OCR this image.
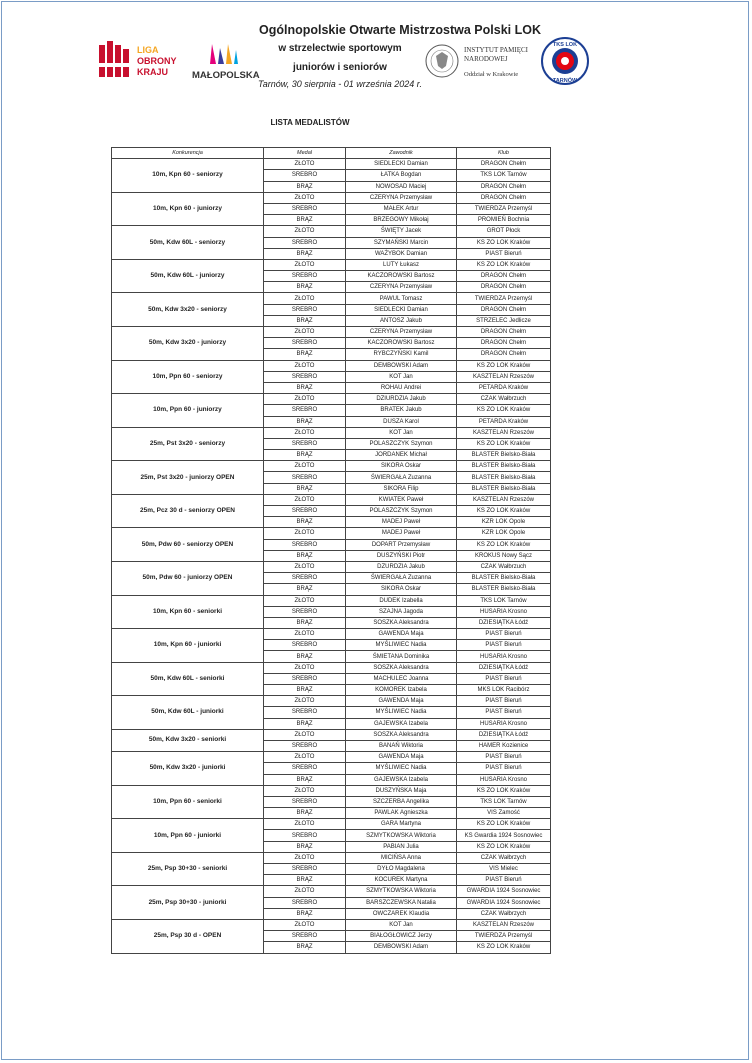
LIGA
OBRONY
KRAJU	MAŁOPOLSKA
Ogólnopolskie Otwarte Mistrzostwa Polski LOK
w strzelectwie sportowym
juniorów i seniorów
Tarnów, 30 sierpnia - 01 września 2024 r.
INSTYTUT PAMIĘCI
NARODOWEJ
Oddział w Krakowie
TKS LOK
TARNÓW
LISTA MEDALISTÓW
Konkurencja	Medal	Zawodnik	Klub
10m, Kpn 60 - seniorzy	ZŁOTO	SIEDLECKI Damian	DRAGON Chełm
	SREBRO	ŁATKA Bogdan	TKS LOK Tarnów
	BRĄZ	NOWOSAD Maciej	DRAGON Chełm
10m, Kpn 60 - juniorzy	ZŁOTO	CZERYNA Przemysław	DRAGON Chełm
	SREBRO	MAŁEK Artur	TWIERDZA Przemyśl
	BRĄZ	BRZEGOWY Mikołaj	PROMIEŃ Bochnia
50m, Kdw 60L - seniorzy	ZŁOTO	ŚWIĘTY Jacek	GROT Płock
	SREBRO	SZYMAŃSKI Marcin	KS ZO LOK Kraków
	BRĄZ	WAŻYBOK Damian	PIAST Bieruń
50m, Kdw 60L - juniorzy	ZŁOTO	LUTY Łukasz	KS ZO LOK Kraków
	SREBRO	KACZOROWSKI Bartosz	DRAGON Chełm
	BRĄZ	CZERYNA Przemysław	DRAGON Chełm
50m, Kdw 3x20 - seniorzy	ZŁOTO	PAWUL Tomasz	TWIERDZA Przemyśl
	SREBRO	SIEDLECKI Damian	DRAGON Chełm
	BRĄZ	ANTOSZ Jakub	STRZELEC Jedlicze
50m, Kdw 3x20 - juniorzy	ZŁOTO	CZERYNA Przemysław	DRAGON Chełm
	SREBRO	KACZOROWSKI Bartosz	DRAGON Chełm
	BRĄZ	RYBCZYŃSKI Kamil	DRAGON Chełm
10m, Ppn 60 - seniorzy	ZŁOTO	DEMBOWSKI Adam	KS ZO LOK Kraków
	SREBRO	KOT Jan	KASZTELAN Rzeszów
	BRĄZ	ROHAU Andrei	PETARDA Kraków
10m, Ppn 60 - juniorzy	ZŁOTO	DZIURDZIA Jakub	CZAK Wałbrzuch
	SREBRO	BRATEK Jakub	KS ZO LOK Kraków
	BRĄZ	DUSZA Karol	PETARDA Kraków
25m, Pst 3x20 - seniorzy	ZŁOTO	KOT Jan	KASZTELAN Rzeszów
	SREBRO	POLASZCZYK Szymon	KS ZO LOK Kraków
	BRĄZ	JORDANEK Michał	BLASTER Bielsko-Biała
25m, Pst 3x20 - juniorzy OPEN	ZŁOTO	SIKORA Oskar	BLASTER Bielsko-Biała
	SREBRO	ŚWIERGAŁA Zuzanna	BLASTER Bielsko-Biała
	BRĄZ	SIKORA Filip	BLASTER Bielsko-Biała
25m, Pcz 30 d - seniorzy OPEN	ZŁOTO	KWIATEK Paweł	KASZTELAN Rzeszów
	SREBRO	POLASZCZYK Szymon	KS ZO LOK Kraków
	BRĄZ	MADEJ Paweł	KZR LOK Opole
50m, Pdw 60 - seniorzy OPEN	ZŁOTO	MADEJ Paweł	KZR LOK Opole
	SREBRO	DOPART Przemysław	KS ZO LOK Kraków
	BRĄZ	DUSZYŃSKI Piotr	KROKUS Nowy Sącz
50m, Pdw 60 - juniorzy OPEN	ZŁOTO	DZURDZIA Jakub	CZAK Wałbrzuch
	SREBRO	ŚWIERGAŁA Zuzanna	BLASTER Bielsko-Biała
	BRĄZ	SIKORA Oskar	BLASTER Bielsko-Biała
10m, Kpn 60 - seniorki	ZŁOTO	DUDEK Izabella	TKS LOK Tarnów
	SREBRO	SZAJNA Jagoda	HUSARIA Krosno
	BRĄZ	SOSZKA Aleksandra	DZIESIĄTKA Łódź
10m, Kpn 60 - juniorki	ZŁOTO	GAWENDA Maja	PIAST Bieruń
	SREBRO	MYŚLIWIEC Nadia	PIAST Bieruń
	BRĄZ	ŚMIETANA Dominika	HUSARIA Krosno
50m, Kdw 60L - seniorki	ZŁOTO	SOSZKA Aleksandra	DZIESIĄTKA Łódź
	SREBRO	MACHULEC Joanna	PIAST Bieruń
	BRĄZ	KOMOREK Izabela	MKS LOK Racibórz
50m, Kdw 60L - juniorki	ZŁOTO	GAWENDA Maja	PIAST Bieruń
	SREBRO	MYŚLIWIEC Nadia	PIAST Bieruń
	BRĄZ	GAJEWSKA Izabela	HUSARIA Krosno
50m, Kdw 3x20 - seniorki	ZŁOTO	SOSZKA Aleksandra	DZIESIĄTKA Łódź
	SREBRO	BANAŃ Wiktoria	HAMER Kozienice
50m, Kdw 3x20 - juniorki	ZŁOTO	GAWENDA Maja	PIAST Bieruń
	SREBRO	MYŚLIWIEC Nadia	PIAST Bieruń
	BRĄZ	GAJEWSKA Izabela	HUSARIA Krosno
10m, Ppn 60 - seniorki	ZŁOTO	DUSZYŃSKA Maja	KS ZO LOK Kraków
	SREBRO	SZCZERBA Angelika	TKS LOK Tarnów
	BRĄZ	PAWLAK Agnieszka	VIS Zamość
10m, Ppn 60 - juniorki	ZŁOTO	GARA Martyna	KS ZO LOK Kraków
	SREBRO	SZMYTKOWSKA Wiktoria	KS Gwardia 1924 Sosnowiec
	BRĄZ	PABIAN Julia	KS ZO LOK Kraków
25m, Psp 30+30 - seniorki	ZŁOTO	MICIŃSA Anna	CZAK Wałbrzych
	SREBRO	DYŁO Magdalena	VIS Mielec
	BRĄZ	KOCUREK Martyna	PIAST Bieruń
25m, Psp 30+30 - juniorki	ZŁOTO	SZMYTKOWSKA Wiktoria	GWARDIA 1924 Sosnowiec
	SREBRO	BARSZCZEWSKA Natalia	GWARDIA 1924 Sosnowiec
	BRĄZ	OWCZAREK Klaudia	CZAK Wałbrzych
25m, Psp 30 d - OPEN	ZŁOTO	KOT Jan	KASZTELAN Rzeszów
	SREBRO	BIAŁOGŁOWICZ Jerzy	TWIERDZA Przemyśl
	BRĄZ	DEMBOWSKI Adam	KS ZO LOK Kraków
